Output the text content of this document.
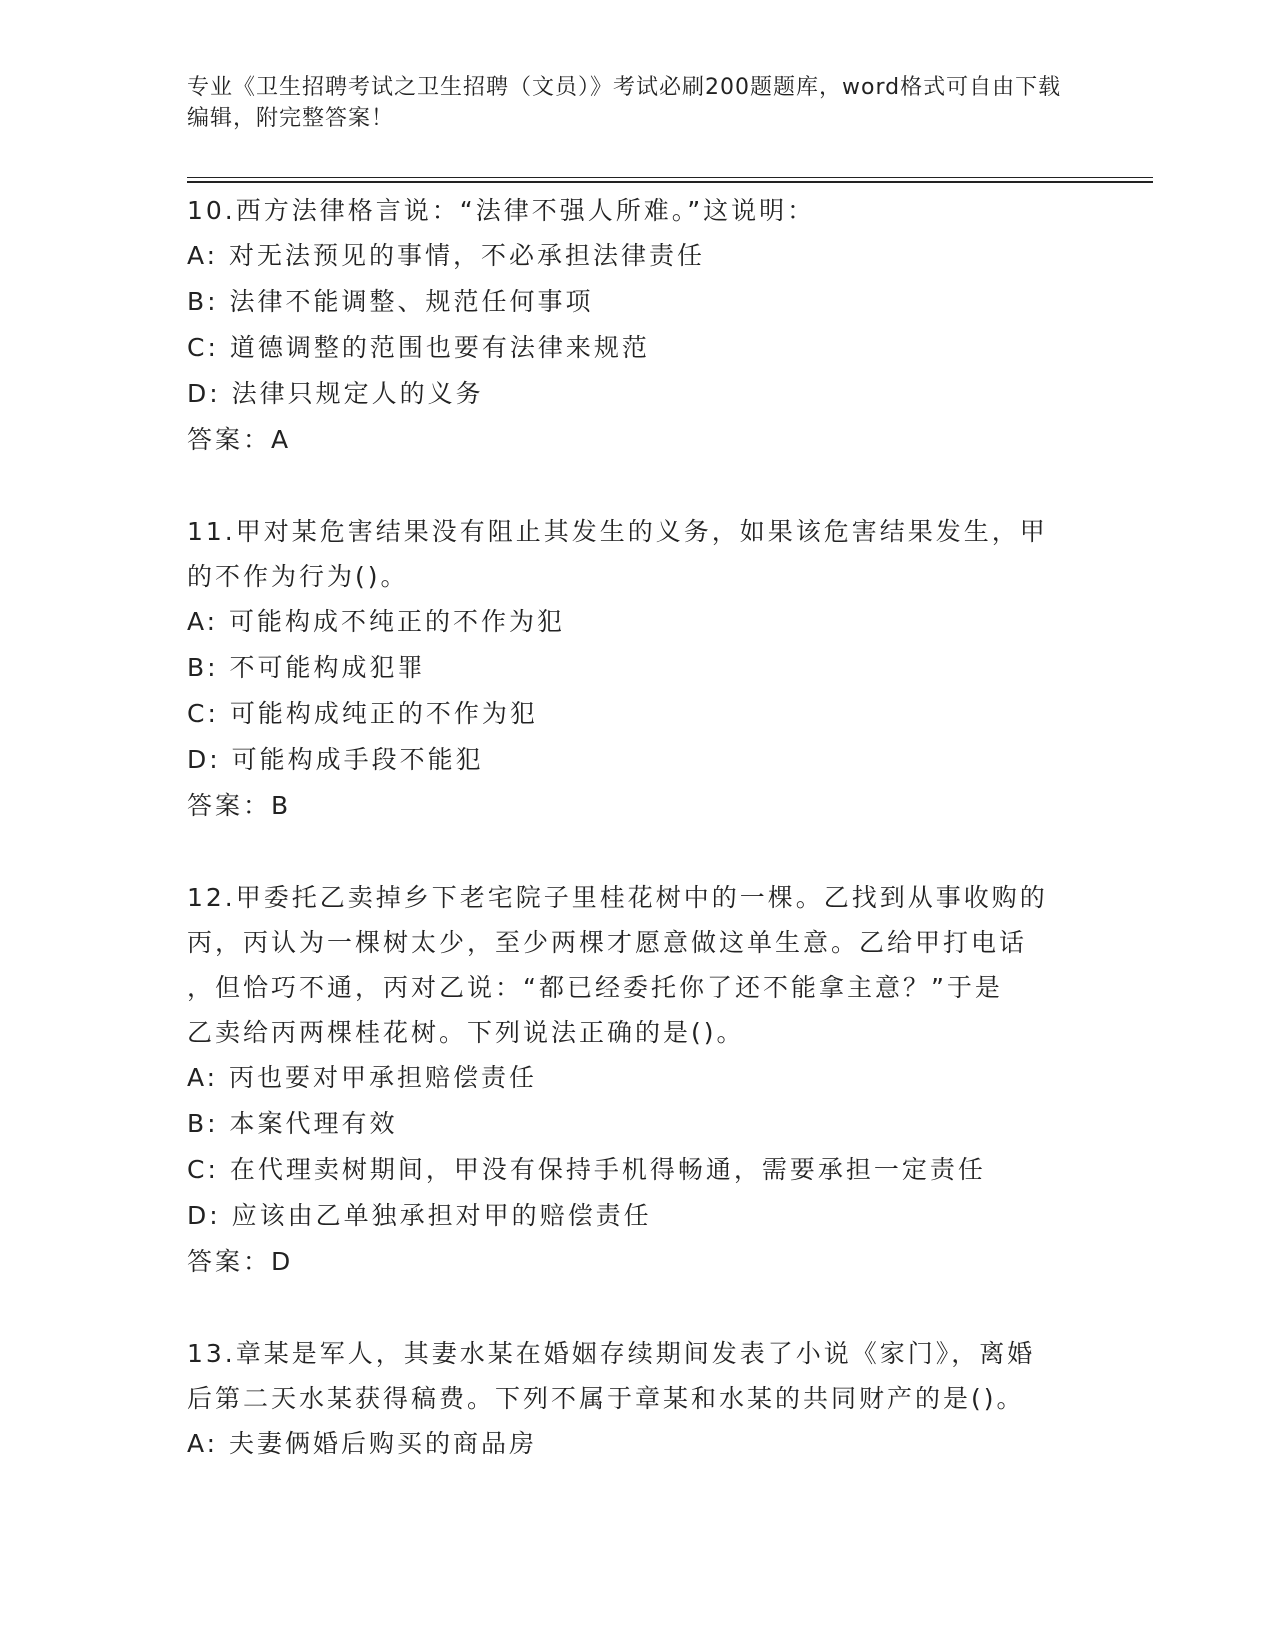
专业《卫生招聘考试之卫生招聘（文员）》考试必刷200题题库，word格式可自由下载编辑，附完整答案！
10.西方法律格言说：“法律不强人所难。”这说明：
A: 对无法预见的事情，不必承担法律责任
B: 法律不能调整、规范任何事项
C: 道德调整的范围也要有法律来规范
D: 法律只规定人的义务
答案：A
11.甲对某危害结果没有阻止其发生的义务，如果该危害结果发生，甲
的不作为行为()。
A: 可能构成不纯正的不作为犯
B: 不可能构成犯罪
C: 可能构成纯正的不作为犯
D: 可能构成手段不能犯
答案：B
12.甲委托乙卖掉乡下老宅院子里桂花树中的一棵。乙找到从事收购的
丙，丙认为一棵树太少，至少两棵才愿意做这单生意。乙给甲打电话
，但恰巧不通，丙对乙说：“都已经委托你了还不能拿主意？”于是
乙卖给丙两棵桂花树。下列说法正确的是()。
A: 丙也要对甲承担赔偿责任
B: 本案代理有效
C: 在代理卖树期间，甲没有保持手机得畅通，需要承担一定责任
D: 应该由乙单独承担对甲的赔偿责任
答案：D
13.章某是军人，其妻水某在婚姻存续期间发表了小说《家门》，离婚
后第二天水某获得稿费。下列不属于章某和水某的共同财产的是()。
A: 夫妻俩婚后购买的商品房
